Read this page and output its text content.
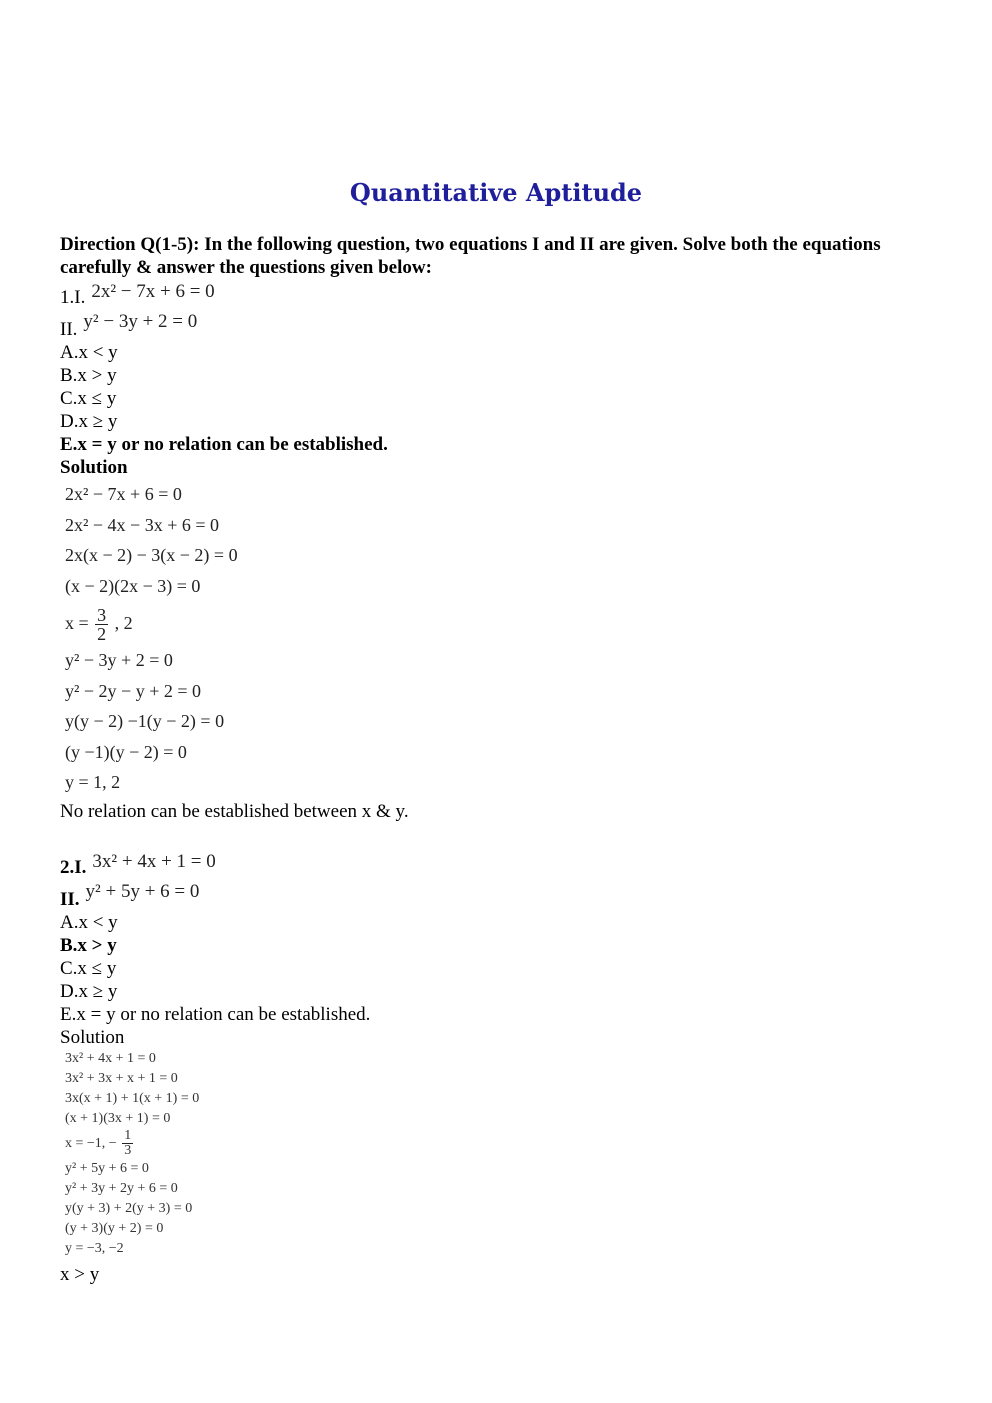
Quantitative Aptitude
Direction Q(1-5): In the following question, two equations I and II are given. Solve both the equations carefully & answer the questions given below:
1.I. 2x² − 7x + 6 = 0
II. y² − 3y + 2 = 0
A.x < y
B.x > y
C.x ≤ y
D.x ≥ y
E.x = y or no relation can be established.
Solution
2x² − 7x + 6 = 0
2x² − 4x − 3x + 6 = 0
2x(x − 2) − 3(x − 2) = 0
(x − 2)(2x − 3) = 0
$x = \frac{3}{2}$ , 2
y² − 3y + 2 = 0
y² − 2y − y + 2 = 0
y(y − 2) −1(y − 2) = 0
(y −1)(y − 2) = 0
y = 1, 2
No relation can be established between x & y.
2.I. 3x² + 4x + 1 = 0
II. y² + 5y + 6 = 0
A.x < y
B.x > y
C.x ≤ y
D.x ≥ y
E.x = y or no relation can be established.
Solution
3x² + 4x + 1 = 0
3x² + 3x + x + 1 = 0
3x(x + 1) + 1(x + 1) = 0
(x + 1)(3x + 1) = 0
x = −1, − $\frac{1}{3}$
y² + 5y + 6 = 0
y² + 3y + 2y + 6 = 0
y(y + 3) + 2(y + 3) = 0
(y + 3)(y + 2) = 0
y = −3, −2
x > y
